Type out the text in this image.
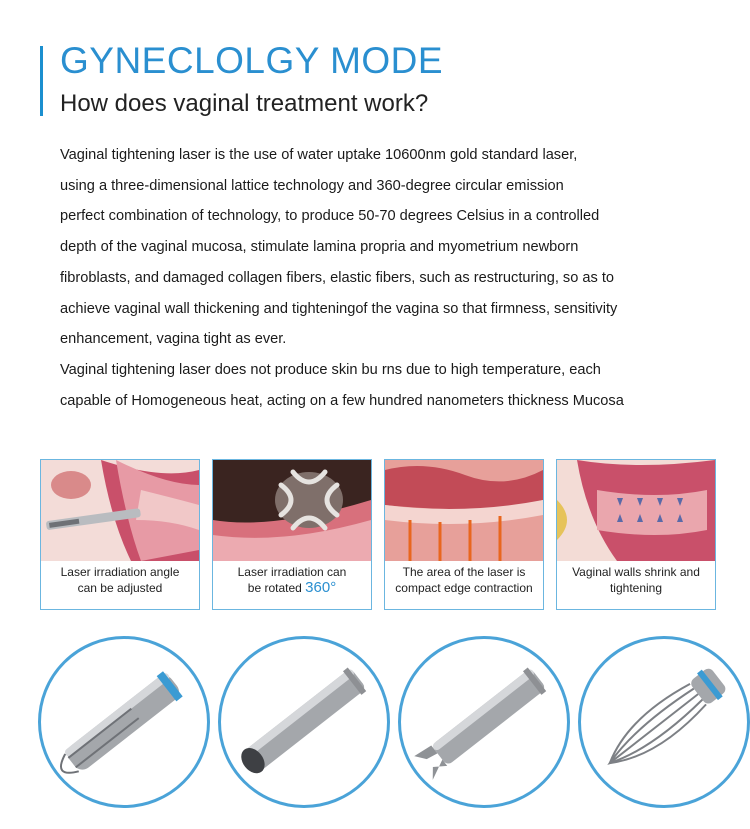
GYNECLOLGY MODE
How does vaginal treatment work?
Vaginal tightening laser is the use of water uptake 10600nm gold standard laser,
using a three-dimensional lattice technology and 360-degree circular emission
perfect combination of technology, to produce 50-70 degrees Celsius in a controlled
depth of the vaginal mucosa, stimulate lamina propria and myometrium newborn
fibroblasts, and damaged collagen fibers, elastic fibers, such as restructuring, so as to
achieve vaginal wall thickening and tighteningof the vagina so that firmness, sensitivity
enhancement, vagina tight as ever.
Vaginal tightening laser does not produce skin bu rns due to high temperature, each
capable of Homogeneous heat, acting on a few hundred nanometers thickness Mucosa
Laser irradiation angle
can be adjusted
Laser irradiation can
be rotated 360°
The area of the laser is
compact edge contraction
Vaginal walls shrink and
tightening
